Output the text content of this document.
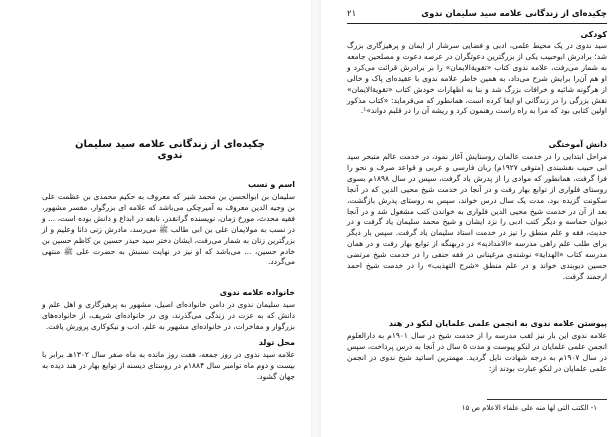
چکیده‌ای از زندگانی علامه سید سلیمان ندوی
اسم و نسب

سلیمان بن ابوالحسن بن محمد شیر که معروف به حکیم محمدی بن عظمت علی بن وجیه الدین معروف به آمیرچکی می‌باشد که علامه ای بزرگوار، مفسر مشهور، فقیه محدث، مورخ زمان، نویسنده گرانقدر، نابغه در ابداع و دانش بوده است، ... و در نسب به مولایمان علی بن ابی طالب ﷺ می‌رسد، مادرش زنی دانا وعلیم و از بزرگترین زنان به شمار می‌رفت، ایشان دختر سید حیدر حسین بن کاظم حسین بن خادم حسین، ... می‌باشد که او نیز در نهایت نسبش به حضرت علی ﷺ منتهی می‌گردد.

خانواده علامه ندوی

سید سلیمان ندوی در دامن خانواده‌ای اصیل، مشهور به پرهیزگاری و اهل علم و دانش که به عزت در زندگی می‌گذرند، وی در خانواده‌ای شریف، از خانواده‌های بزرگوار و مفاخرات، در خانواده‌ای مشهور به علم، ادب و نیکوکاری پرورش یافت.

محل تولد

علامه سید ندوی در روز جمعه، هفت روز مانده به ماه صفر سال ۱۳۰۲هـ برابر با بیست و دوم ماه نوامبر سال ۱۸۸۴م در روستای دیسنه از توابع بهار در هند دیده به جهان گشود.

چکیده‌ای از زندگانی علامه سید سلیمان ندوی
۲۱
کودکی

سید ندوی در یک محیط علمی، ادبی و فضایی سرشار از ایمان و پرهیزگاری بزرگ شد؛ برادرش ابوحبیب یکی از بزرگترین دعوتگران در عرصه دعوت و مصلحین جامعه به شمار می‌رفت، علامه ندوی کتاب «تقویة‌الایمان» را بر برادرش قرائت می‌کرد و او هم آن‌را برایش شرح می‌داد، به همین خاطر علامه ندوی با عقیده‌ای پاک و خالی از هرگونه شائبه و خرافات بزرگ شد و بنا به اظهارات خودش کتاب «تقویة‌الایمان» نقش بزرگی را در زندگانی او ایفا کرده است، همانطور که می‌فرماید: «کتاب مذکور اولین کتابی بود که مرا به راه راست رهنمون کرد و ریشه آن را در قلبم دواند»¹.

دانش آموختگی

مراحل ابتدایی را در خدمت عالمان روستایش آغاز نمود، در خدمت عالم متبحر سید ابی حبیب نقشبندی (متوفی ۱۹۲۷م) زبان فارسی و عربی و قواعد صرف و نحو را فرا گرفت، همانطور که موادی را از پدرش یاد گرفت، سپس در سال ۱۸۹۸م بسوی روستای فلواری از توابع بهار رفت و در آنجا در خدمت شیخ محیی الدین که در آنجا سکونت گزیده بود، مدت یک سال درس خواند، سپس به روستای پدرش بازگشت، بعد از آن در خدمت شیخ محیی الدین فلواری به خواندن کتب مشغول شد و در آنجا دیوان حماسه و دیگر کتب ادبی را نزد ایشان و شیخ محمد سلیمان یاد گرفت و در حدیث، فقه و علم منطق را نیز در خدمت استاد سلیمان یاد گرفت. سپس بار دیگر برای طلب علم راهی مدرسه «الامدادیه» در دربهنگه از توابع بهار رفت و در همان مدرسه کتاب «الهدایة» نوشته‌ی مرغینانی در فقه حنفی را در خدمت شیخ مرتضی حسین دیوبندی خواند و در علم منطق «شرح التهذیب» را در خدمت شیخ احمد ارجمند گرفت.

پیوستن علامه ندوی به انجمن علمی علمایان لنکو در هند

علامه ندوی این بار نیز لقب مدرسه را از خدمت شیخ در سال ۱۹۰۱م به دارالعلوم انجمن علمی علمایان در لنکو پیوست و مدت ۵ سال در آنجا به درس پرداخت، سپس در سال ۱۹۰۷م به درجه شهادت نایل گردید. مهمترین اساتید شیخ ندوی در انجمن علمی علمایان در لنکو عبارت بودند از:

۱- الکتب التی لها منه علی علماء الاعلام ص ۱۵
